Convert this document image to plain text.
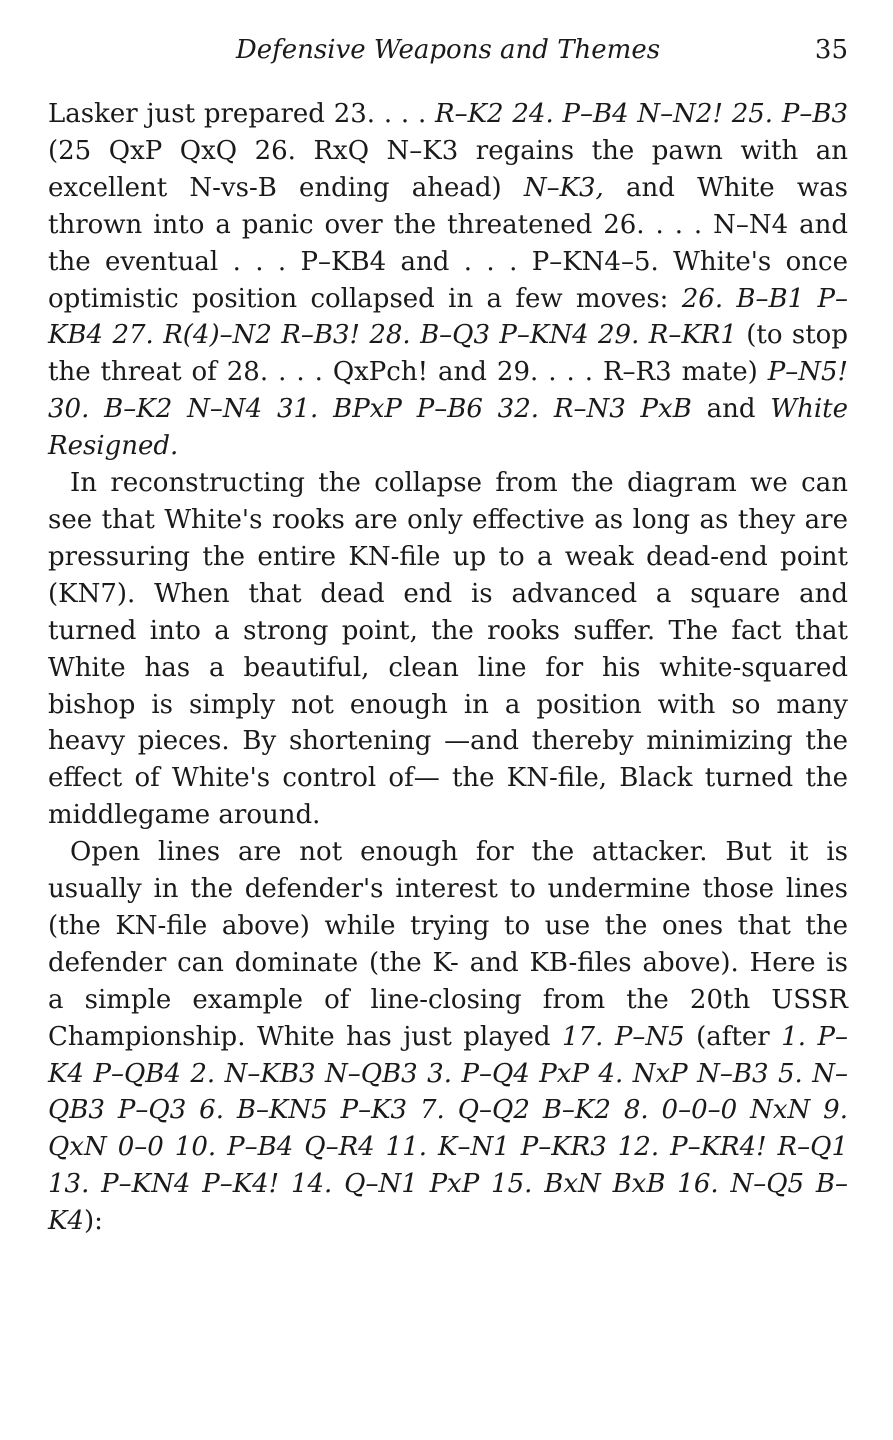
Defensive Weapons and Themes	35

Lasker just prepared 23. . . . R–K2 24. P–B4 N–N2! 25. P–B3 (25 QxP QxQ 26. RxQ N–K3 regains the pawn with an excellent N-vs-B ending ahead) N–K3, and White was thrown into a panic over the threatened 26. . . . N–N4 and the eventual . . . P–KB4 and . . . P–KN4–5. White's once optimistic position collapsed in a few moves: 26. B–B1 P–KB4 27. R(4)–N2 R–B3! 28. B–Q3 P–KN4 29. R–KR1 (to stop the threat of 28. . . . QxPch! and 29. . . . R–R3 mate) P–N5! 30. B–K2 N–N4 31. BPxP P–B6 32. R–N3 PxB and White Resigned.

In reconstructing the collapse from the diagram we can see that White's rooks are only effective as long as they are pressuring the entire KN-file up to a weak dead-end point (KN7). When that dead end is advanced a square and turned into a strong point, the rooks suffer. The fact that White has a beautiful, clean line for his white-squared bishop is simply not enough in a position with so many heavy pieces. By shortening —and thereby minimizing the effect of White's control of— the KN-file, Black turned the middlegame around.

Open lines are not enough for the attacker. But it is usually in the defender's interest to undermine those lines (the KN-file above) while trying to use the ones that the defender can dominate (the K- and KB-files above). Here is a simple example of line-closing from the 20th USSR Championship. White has just played 17. P–N5 (after 1. P–K4 P–QB4 2. N–KB3 N–QB3 3. P–Q4 PxP 4. NxP N–B3 5. N–QB3 P–Q3 6. B–KN5 P–K3 7. Q–Q2 B–K2 8. 0–0–0 NxN 9. QxN 0–0 10. P–B4 Q–R4 11. K–N1 P–KR3 12. P–KR4! R–Q1 13. P–KN4 P–K4! 14. Q–N1 PxP 15. BxN BxB 16. N–Q5 B–K4):
